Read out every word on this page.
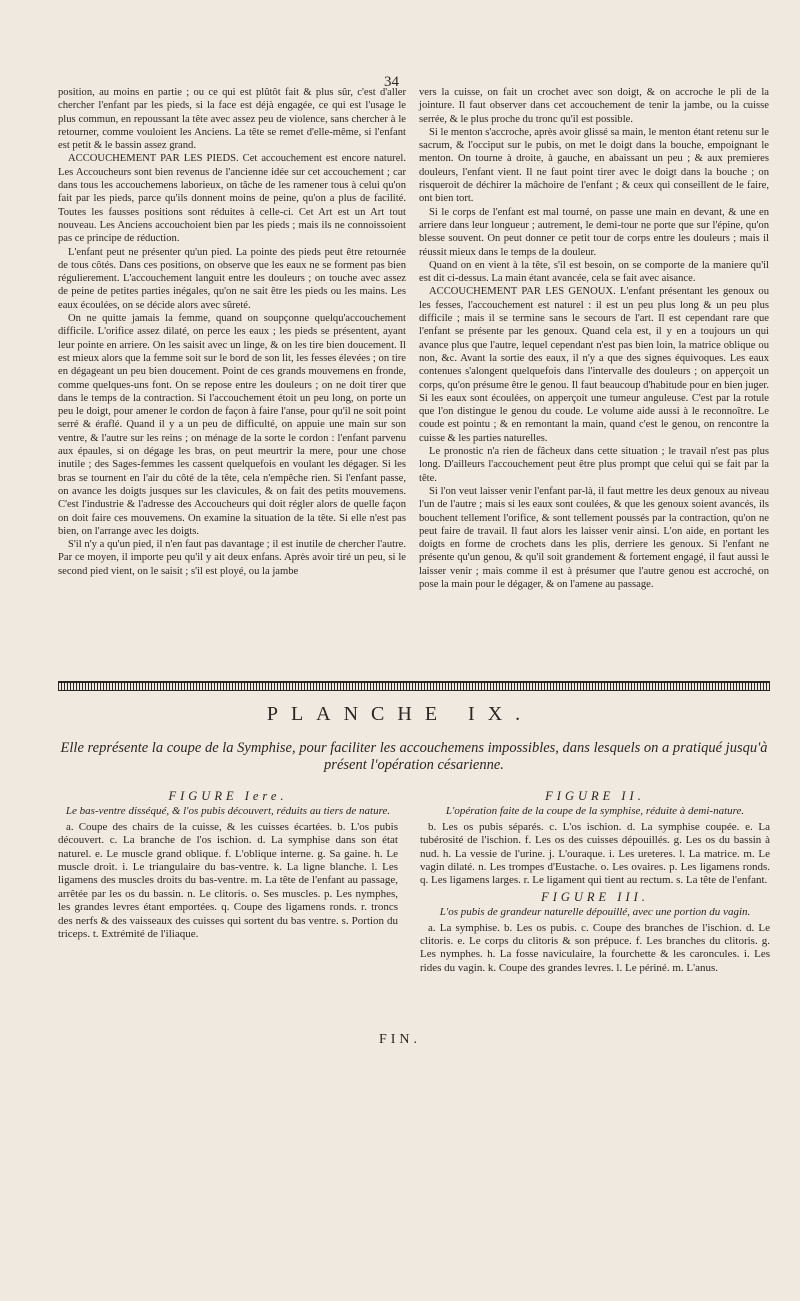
34

position, au moins en partie ; ou ce qui est plûtôt fait & plus sûr, c'est d'aller chercher l'enfant par les pieds, si la face est déjà engagée, ce qui est l'usage le plus commun, en repoussant la tête avec assez peu de violence, sans chercher à le retourner, comme vouloient les Anciens. La tête se remet d'elle-même, si l'enfant est petit & le bassin assez grand.

ACCOUCHEMENT PAR LES PIEDS. Cet accouchement est encore naturel. Les Accoucheurs sont bien revenus de l'ancienne idée sur cet accouchement ; car dans tous les accouchemens laborieux, on tâche de les ramener tous à celui qu'on fait par les pieds, parce qu'ils donnent moins de peine, qu'on a plus de facilité. Toutes les fausses positions sont réduites à celle-ci. Cet Art est un Art tout nouveau. Les Anciens accouchoient bien par les pieds ; mais ils ne connoissoient pas ce principe de réduction.

L'enfant peut ne présenter qu'un pied. La pointe des pieds peut être retournée de tous côtés. Dans ces positions, on observe que les eaux ne se forment pas bien régulierement. L'accouchement languit entre les douleurs ; on touche avec assez de peine de petites parties inégales, qu'on ne sait être les pieds ou les mains. Les eaux écoulées, on se décide alors avec sûreté.

On ne quitte jamais la femme, quand on soupçonne quelqu'accouchement difficile. L'orifice assez dilaté, on perce les eaux ; les pieds se présentent, ayant leur pointe en arriere. On les saisit avec un linge, & on les tire bien doucement. Il est mieux alors que la femme soit sur le bord de son lit, les fesses élevées ; on tire en dégageant un peu bien doucement. Point de ces grands mouvemens en fronde, comme quelques-uns font. On se repose entre les douleurs ; on ne doit tirer que dans le temps de la contraction. Si l'accouchement étoit un peu long, on porte un peu le doigt, pour amener le cordon de façon à faire l'anse, pour qu'il ne soit point serré & éraflé. Quand il y a un peu de difficulté, on appuie une main sur son ventre, & l'autre sur les reins ; on ménage de la sorte le cordon : l'enfant parvenu aux épaules, si on dégage les bras, on peut meurtrir la mere, pour une chose inutile ; des Sages-femmes les cassent quelquefois en voulant les dégager. Si les bras se tournent en l'air du côté de la tête, cela n'empêche rien. Si l'enfant passe, on avance les doigts jusques sur les clavicules, & on fait des petits mouvemens. C'est l'industrie & l'adresse des Accoucheurs qui doit régler alors de quelle façon on doit faire ces mouvemens. On examine la situation de la tête. Si elle n'est pas bien, on l'arrange avec les doigts.

S'il n'y a qu'un pied, il n'en faut pas davantage ; il est inutile de chercher l'autre. Par ce moyen, il importe peu qu'il y ait deux enfans. Après avoir tiré un peu, si le second pied vient, on le saisit ; s'il est ployé, ou la jambe

vers la cuisse, on fait un crochet avec son doigt, & on accroche le pli de la jointure. Il faut observer dans cet accouchement de tenir la jambe, ou la cuisse serrée, & le plus proche du tronc qu'il est possible.

Si le menton s'accroche, après avoir glissé sa main, le menton étant retenu sur le sacrum, & l'occiput sur le pubis, on met le doigt dans la bouche, empoignant le menton. On tourne à droite, à gauche, en abaissant un peu ; & aux premieres douleurs, l'enfant vient. Il ne faut point tirer avec le doigt dans la bouche ; on risqueroit de déchirer la mâchoire de l'enfant ; & ceux qui conseillent de le faire, ont bien tort.

Si le corps de l'enfant est mal tourné, on passe une main en devant, & une en arriere dans leur longueur ; autrement, le demi-tour ne porte que sur l'épine, qu'on blesse souvent. On peut donner ce petit tour de corps entre les douleurs ; mais il réussit mieux dans le temps de la douleur.

Quand on en vient à la tête, s'il est besoin, on se comporte de la maniere qu'il est dit ci-dessus. La main étant avancée, cela se fait avec aisance.

ACCOUCHEMENT PAR LES GENOUX. L'enfant présentant les genoux ou les fesses, l'accouchement est naturel : il est un peu plus long & un peu plus difficile ; mais il se termine sans le secours de l'art. Il est cependant rare que l'enfant se présente par les genoux. Quand cela est, il y en a toujours un qui avance plus que l'autre, lequel cependant n'est pas bien loin, la matrice oblique ou non, &c. Avant la sortie des eaux, il n'y a que des signes équivoques. Les eaux contenues s'alongent quelquefois dans l'intervalle des douleurs ; on apperçoit un corps, qu'on présume être le genou. Il faut beaucoup d'habitude pour en bien juger. Si les eaux sont écoulées, on apperçoit une tumeur anguleuse. C'est par la rotule que l'on distingue le genou du coude. Le volume aide aussi à le reconnoître. Le coude est pointu ; & en remontant la main, quand c'est le genou, on rencontre la cuisse & les parties naturelles.

Le pronostic n'a rien de fâcheux dans cette situation ; le travail n'est pas plus long. D'ailleurs l'accouchement peut être plus prompt que celui qui se fait par la tête.

Si l'on veut laisser venir l'enfant par-là, il faut mettre les deux genoux au niveau l'un de l'autre ; mais si les eaux sont coulées, & que les genoux soient avancés, ils bouchent tellement l'orifice, & sont tellement poussés par la contraction, qu'on ne peut faire de travail. Il faut alors les laisser venir ainsi. L'on aide, en portant les doigts en forme de crochets dans les plis, derriere les genoux. Si l'enfant ne présente qu'un genou, & qu'il soit grandement & fortement engagé, il faut aussi le laisser venir ; mais comme il est à présumer que l'autre genou est accroché, on pose la main pour le dégager, & on l'amene au passage.

PLANCHE IX.
Elle représente la coupe de la Symphise, pour faciliter les accouchemens impossibles, dans lesquels on a pratiqué jusqu'à présent l'opération césarienne.
FIGURE Iere.
Le bas-ventre disséqué, & l'os pubis découvert, réduits au tiers de nature.
a. Coupe des chairs de la cuisse, & les cuisses écartées. b. L'os pubis découvert. c. La branche de l'os ischion. d. La symphise dans son état naturel. e. Le muscle grand oblique. f. L'oblique interne. g. Sa gaine. h. Le muscle droit. i. Le triangulaire du bas-ventre. k. La ligne blanche. l. Les ligamens des muscles droits du bas-ventre. m. La tête de l'enfant au passage, arrêtée par les os du bassin. n. Le clitoris. o. Ses muscles. p. Les nymphes, les grandes levres étant emportées. q. Coupe des ligamens ronds. r. troncs des nerfs & des vaisseaux des cuisses qui sortent du bas ventre. s. Portion du triceps. t. Extrémité de l'iliaque.
FIGURE II.
L'opération faite de la coupe de la symphise, réduite à demi-nature.
b. Les os pubis séparés. c. L'os ischion. d. La symphise coupée. e. La tubérosité de l'ischion. f. Les os des cuisses dépouillés. g. Les os du bassin à nud. h. La vessie de l'urine. j. L'ouraque. i. Les ureteres. l. La matrice. m. Le vagin dilaté. n. Les trompes d'Eustache. o. Les ovaires. p. Les ligamens ronds. q. Les ligamens larges. r. Le ligament qui tient au rectum. s. La tête de l'enfant.
FIGURE III.
L'os pubis de grandeur naturelle dépouillé, avec une portion du vagin.
a. La symphise. b. Les os pubis. c. Coupe des branches de l'ischion. d. Le clitoris. e. Le corps du clitoris & son prépuce. f. Les branches du clitoris. g. Les nymphes. h. La fosse naviculaire, la fourchette & les caroncules. i. Les rides du vagin. k. Coupe des grandes levres. l. Le périné. m. L'anus.
FIN.
